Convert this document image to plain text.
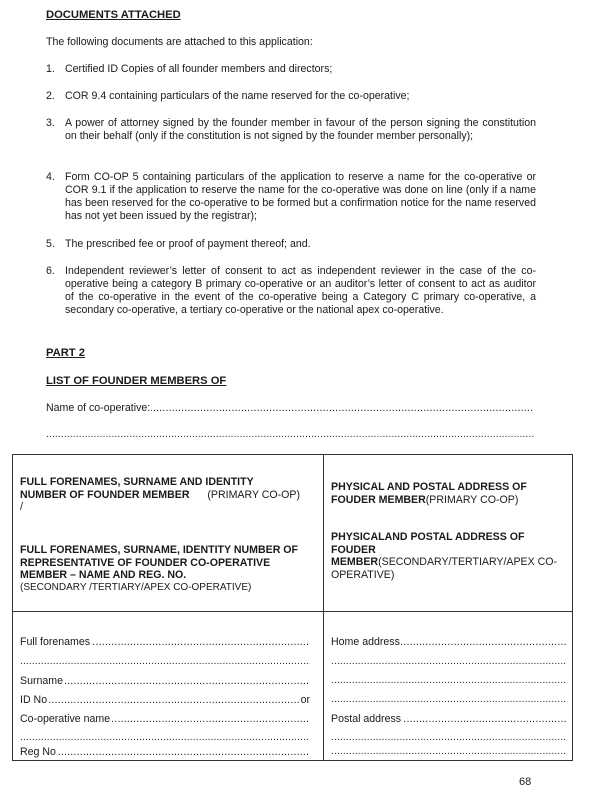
DOCUMENTS ATTACHED
The following documents are attached to this application:
1. Certified ID Copies of all founder members and directors;
2. COR 9.4 containing particulars of the name reserved for the co-operative;
3. A power of attorney signed by the founder member in favour of the person signing the constitution on their behalf (only if the constitution is not signed by the founder member personally);
4. Form CO-OP 5 containing particulars of the application to reserve a name for the co-operative or COR 9.1 if the application to reserve the name for the co-operative was done on line (only if a name has been reserved for the co-operative to be formed but a confirmation notice for the name reserved has not yet been issued by the registrar);
5. The prescribed fee or proof of payment thereof; and.
6. Independent reviewer’s letter of consent to act as independent reviewer in the case of the co-operative being a category B primary co-operative or an auditor’s letter of consent to act as auditor of the co-operative in the event of the co-operative being a Category C primary co-operative, a secondary co-operative, a tertiary co-operative or the national apex co-operative.
PART 2
LIST OF FOUNDER MEMBERS OF
Name of co-operative:
.....
.....
FULL FORENAMES, SURNAME AND IDENTITY NUMBER OF FOUNDER MEMBER (PRIMARY CO-OP) /
FULL FORENAMES, SURNAME, IDENTITY NUMBER OF REPRESENTATIVE OF FOUNDER CO-OPERATIVE MEMBER – NAME AND REG. NO.
(SECONDARY /TERTIARY/APEX CO-OPERATIVE)
PHYSICAL AND POSTAL ADDRESS OF FOUDER MEMBER(PRIMARY CO-OP)
PHYSICALAND POSTAL ADDRESS OF FOUDER MEMBER(SECONDARY/TERTIARY/APEX CO-OPERATIVE)
Full forenames
.....
.....
Surname
.....
ID No
.....	or
Co-operative name
.....
.....
Reg No
.....
Home address
.....
.....
.....
.....
Postal address
.....
.....
.....
68
